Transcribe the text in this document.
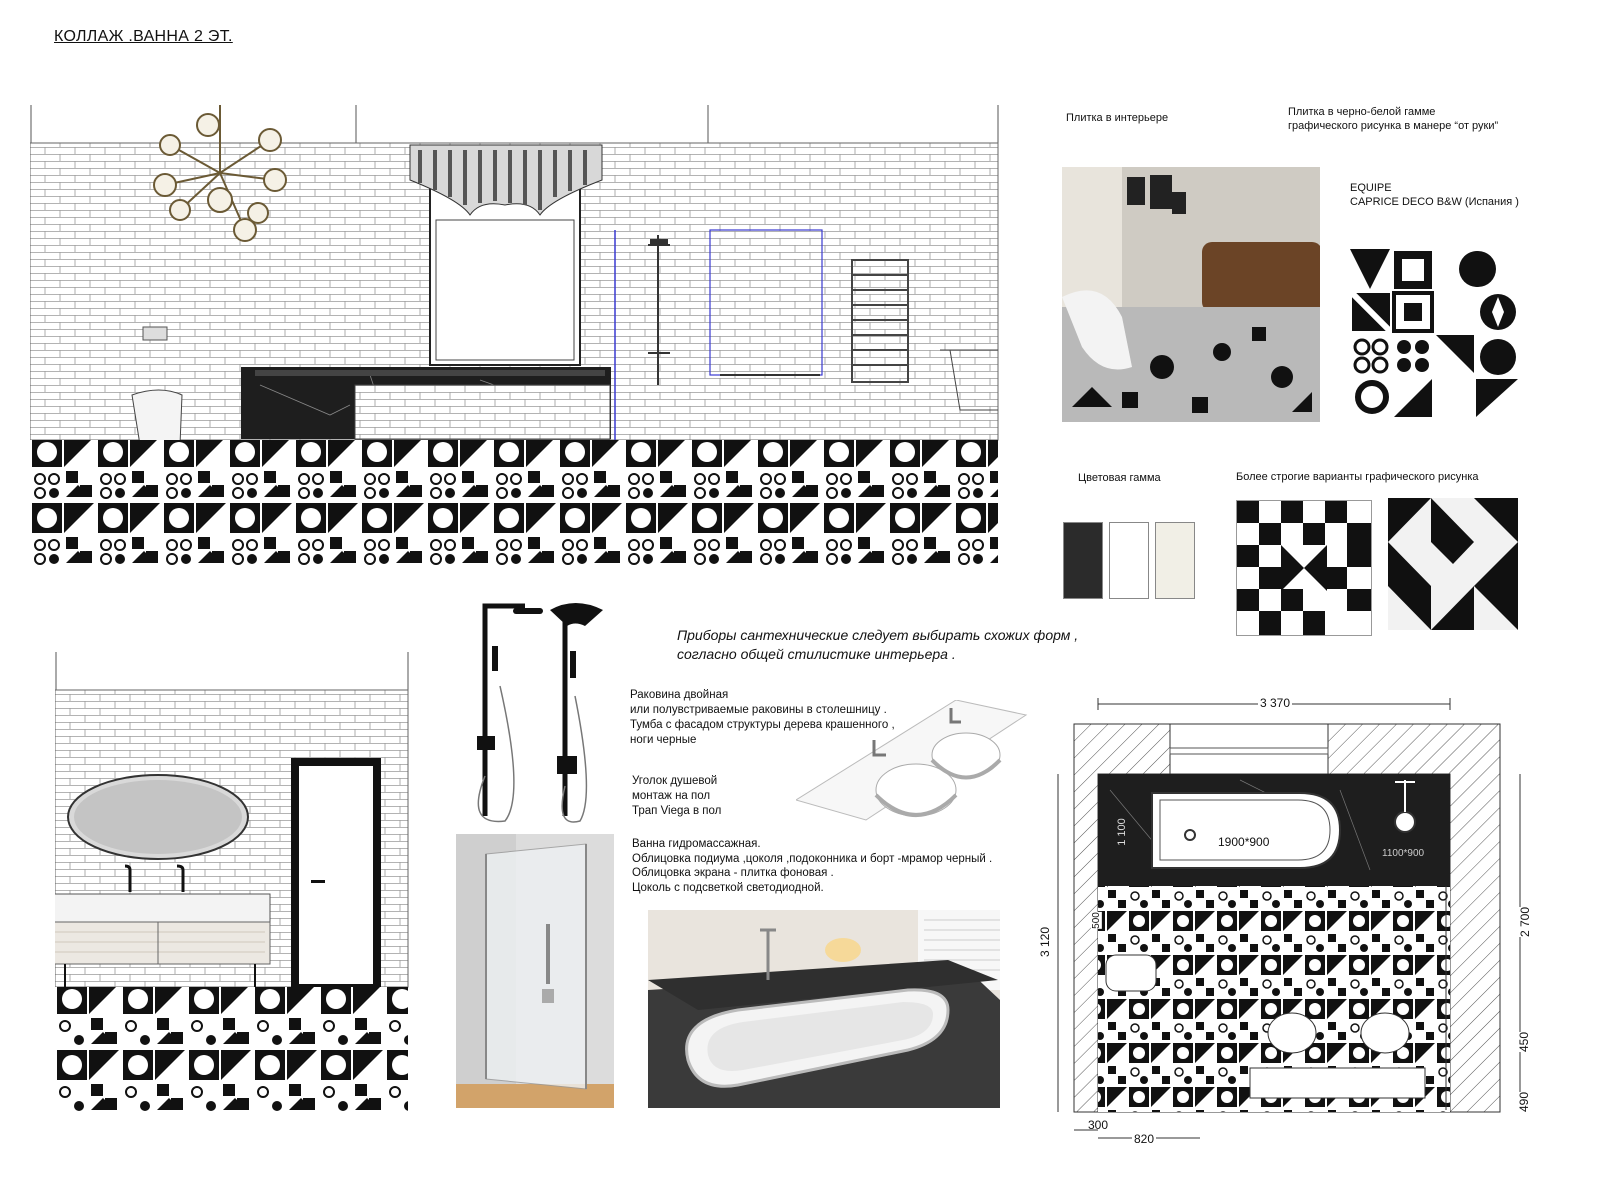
КОЛЛАЖ .ВАННА 2 ЭТ.
Плитка в интерьере	Плитка в черно-белой гамме
графического рисунка в манере “от руки”
EQUIPE
CAPRICE DECO B&W (Испания )
Цветовая гамма	Более строгие варианты графического рисунка
Приборы сантехнические следует выбирать схожих форм ,
согласно общей стилистике интерьера .
Раковина двойная
или полувстриваемые раковины в столешницу .
Тумба с фасадом структуры дерева крашенного ,
ноги черные
Уголок душевой
монтаж на пол
Трап Viega в пол
Ванна гидромассажная.
Облицовка подиума ,цоколя ,подоконника и борт -мрамор черный .
Облицовка экрана - плитка фоновая .
Цоколь с подсветкой светодиодной.
3 370
3 120
2 700
450
490
300
820
1900*900
1100*900
1 100
500
